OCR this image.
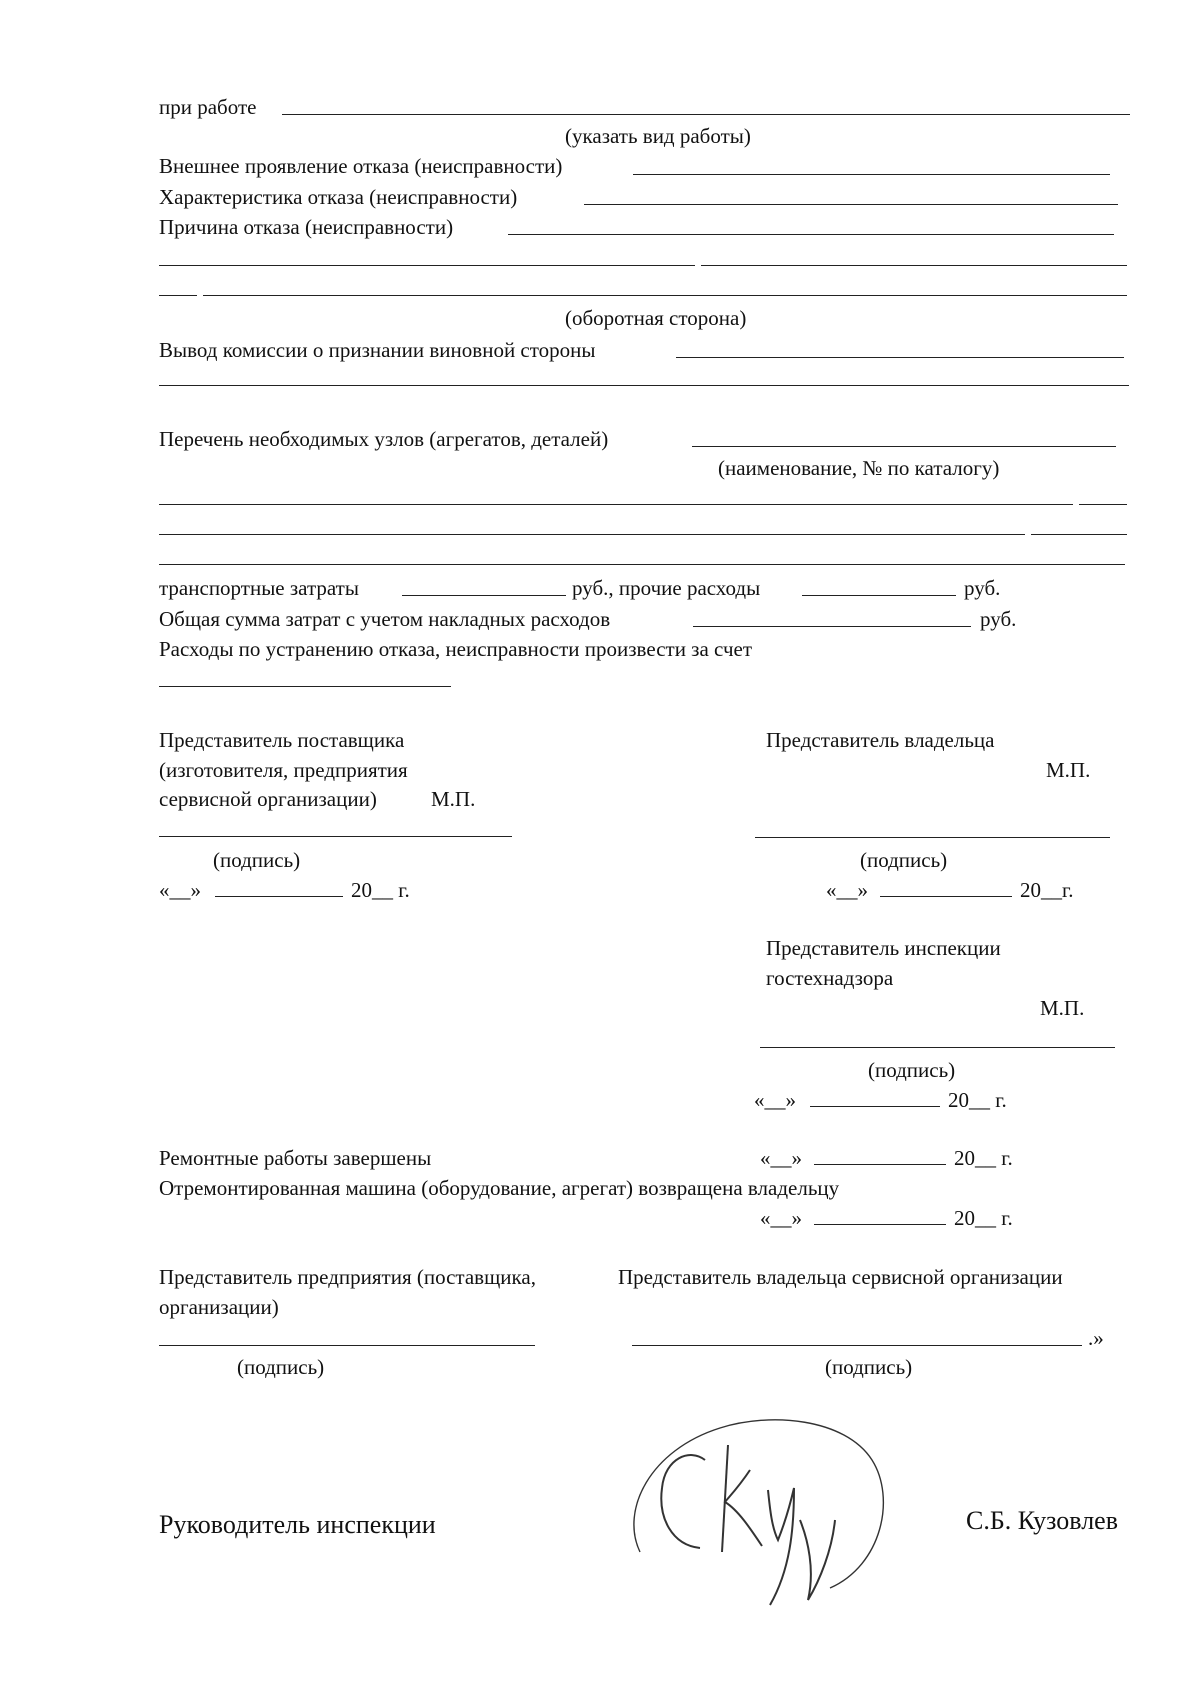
при работе
(указать вид работы)
Внешнее проявление отказа (неисправности)
Характеристика отказа (неисправности)
Причина отказа (неисправности)
(оборотная сторона)
Вывод комиссии о признании виновной стороны
Перечень необходимых узлов (агрегатов, деталей)
(наименование, № по каталогу)
транспортные затраты	руб., прочие расходы	руб.
Общая сумма затрат с учетом накладных расходов	руб.
Расходы по устранению отказа, неисправности произвести за счет
Представитель поставщика
(изготовителя, предприятия
сервисной организации)	М.П.
(подпись)
«__»	20__ г.
Представитель владельца
М.П.
(подпись)
«__»	20__г.
Представитель инспекции
гостехнадзора
М.П.
(подпись)
«__»	20__ г.
Ремонтные работы завершены	«__»	20__ г.
Отремонтированная машина (оборудование, агрегат) возвращена владельцу
«__»	20__ г.
Представитель предприятия (поставщика,
организации)
Представитель владельца сервисной организации
.»
(подпись)	(подпись)
Руководитель инспекции	С.Б. Кузовлев
